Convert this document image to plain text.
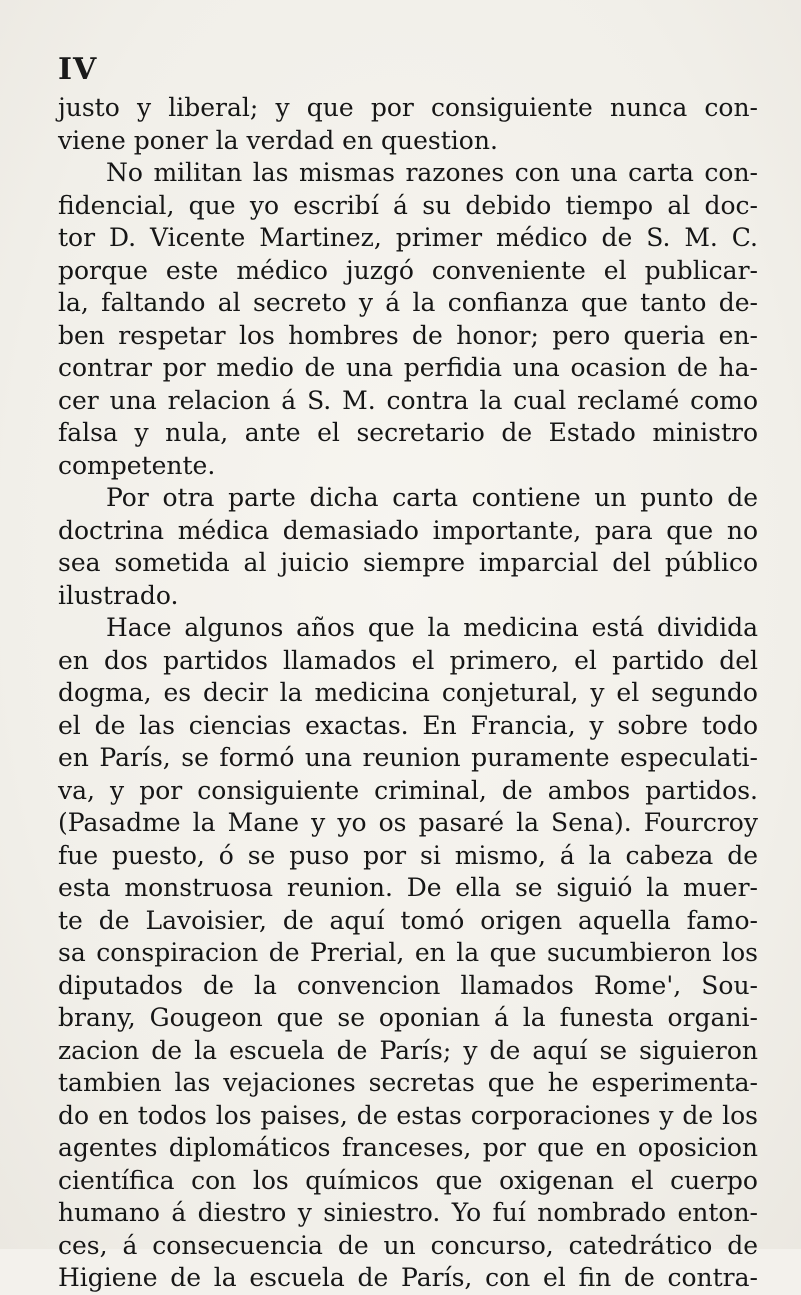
IV
justo y liberal; y que por consiguiente nunca con-
viene poner la verdad en question.
No militan las mismas razones con una carta con-
fidencial, que yo escribí á su debido tiempo al doc-
tor D. Vicente Martinez, primer médico de S. M. C.
porque este médico juzgó conveniente el publicar-
la, faltando al secreto y á la confianza que tanto de-
ben respetar los hombres de honor; pero queria en-
contrar por medio de una perfidia una ocasion de ha-
cer una relacion á S. M. contra la cual reclamé como
falsa y nula, ante el secretario de Estado ministro
competente.
Por otra parte dicha carta contiene un punto de
doctrina médica demasiado importante, para que no
sea sometida al juicio siempre imparcial del público
ilustrado.
Hace algunos años que la medicina está dividida
en dos partidos llamados el primero, el partido del
dogma, es decir la medicina conjetural, y el segundo
el de las ciencias exactas. En Francia, y sobre todo
en París, se formó una reunion puramente especulati-
va, y por consiguiente criminal, de ambos partidos.
(Pasadme la Mane y yo os pasaré la Sena). Fourcroy
fue puesto, ó se puso por si mismo, á la cabeza de
esta monstruosa reunion. De ella se siguió la muer-
te de Lavoisier, de aquí tomó origen aquella famo-
sa conspiracion de Prerial, en la que sucumbieron los
diputados de la convencion llamados Rome', Sou-
brany, Gougeon que se oponian á la funesta organi-
zacion de la escuela de París; y de aquí se siguieron
tambien las vejaciones secretas que he esperimenta-
do en todos los paises, de estas corporaciones y de los
agentes diplomáticos franceses, por que en oposicion
científica con los químicos que oxigenan el cuerpo
humano á diestro y siniestro. Yo fuí nombrado enton-
ces, á consecuencia de un concurso, catedrático de
Higiene de la escuela de París, con el fin de contra-
